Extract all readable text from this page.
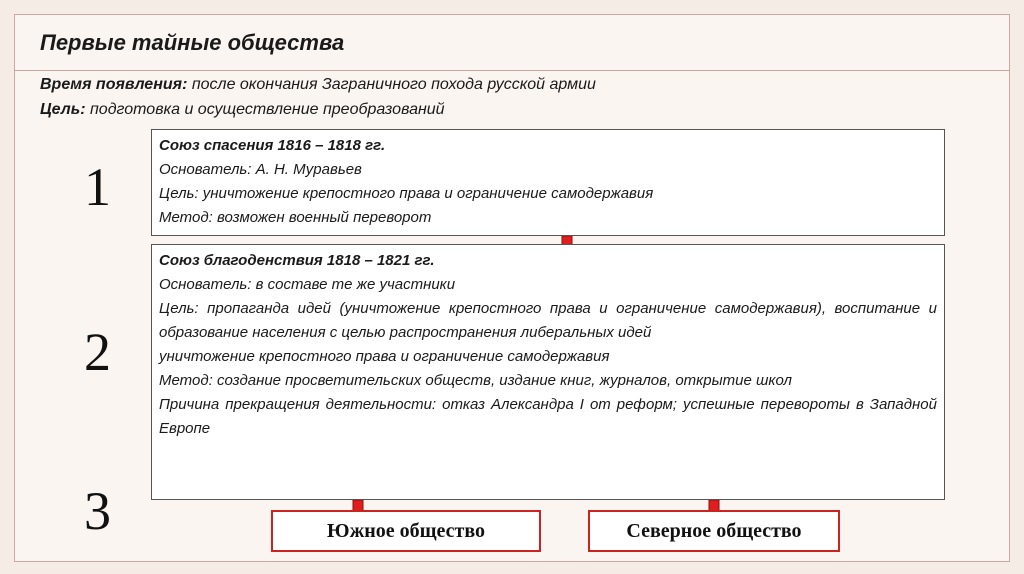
Первые тайные общества
Время появления: после окончания Заграничного похода русской армии
Цель: подготовка и осуществление преобразований
1
2
3
Союз спасения 1816 – 1818 гг.
Основатель: А. Н. Муравьев
Цель: уничтожение крепостного права и ограничение самодержавия
Метод: возможен военный переворот
Союз благоденствия 1818 – 1821 гг.
Основатель: в составе те же участники
Цель: пропаганда идей (уничтожение крепостного права и ограничение самодержавия), воспитание и образование населения с целью распространения либеральных идей
уничтожение крепостного права и ограничение самодержавия
Метод: создание просветительских обществ, издание книг, журналов, открытие школ
Причина прекращения деятельности: отказ Александра I от реформ; успешные перевороты в Западной Европе
Южное общество	Северное общество
